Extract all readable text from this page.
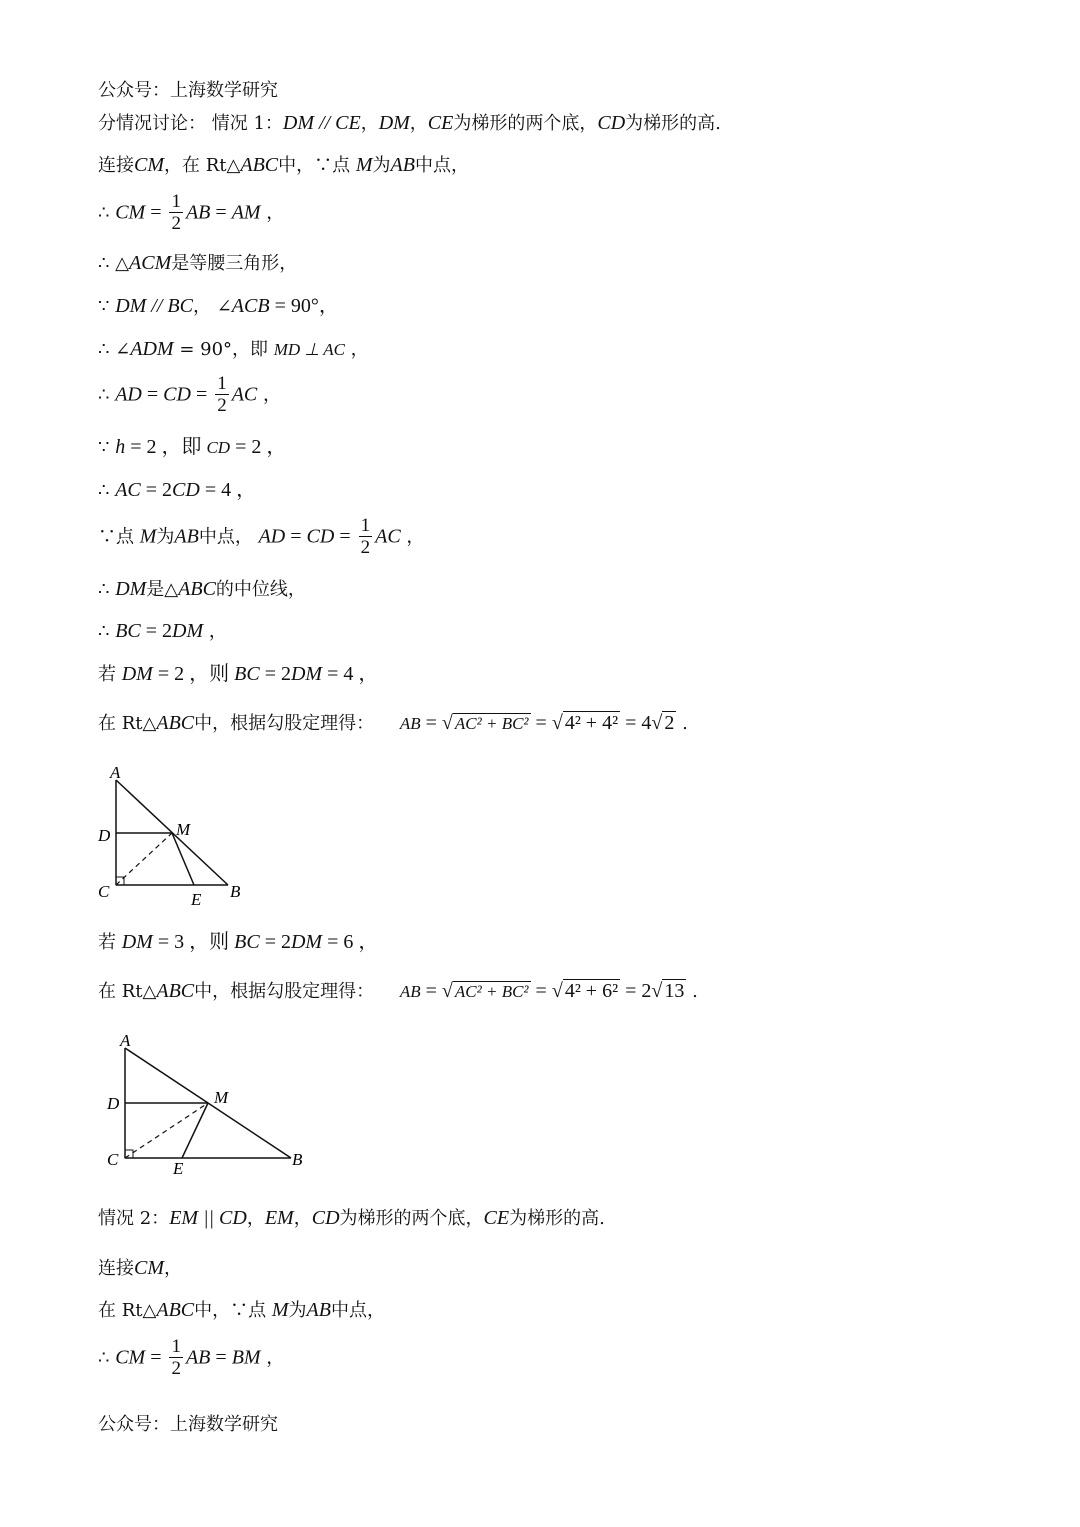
公众号：上海数学研究
分情况讨论： 情况 1：DM // CE，DM，CE为梯形的两个底，CD为梯形的高.
连接CM，在 Rt△ABC中，∵点 M为AB中点，
∴ CM = $\frac{1}{2}$ AB = AM ，
∴ △ACM是等腰三角形，
∵ DM // BC， ∠ACB = 90°，
∴ ∠ADM = 90°，即 MD ⊥ AC ，
∴ AD = CD = $\frac{1}{2}$ AC ，
∵ h = 2 ，即 CD = 2 ，
∴ AC = 2CD = 4 ，
∵点 M为AB中点， AD = CD = $\frac{1}{2}$ AC ，
∴ DM是△ABC的中位线，
∴ BC = 2DM ，
若 DM = 2 ，则 BC = 2DM = 4 ，
在 Rt△ABC中，根据勾股定理得： AB = √ AC² + BC² = √ 4² + 4² = 4√ 2 .
A
D	M
C	E B
若 DM = 3 ，则 BC = 2DM = 6 ，
在 Rt△ABC中，根据勾股定理得： AB = √ AC² + BC² = √ 4² + 6² = 2√ 13 .
A
D	M
C	E	B
情况 2：EM || CD，EM，CD为梯形的两个底，CE为梯形的高.
连接CM，
在 Rt△ABC中，∵点 M为AB中点，
∴ CM = $\frac{1}{2}$ AB = BM ，
公众号：上海数学研究
